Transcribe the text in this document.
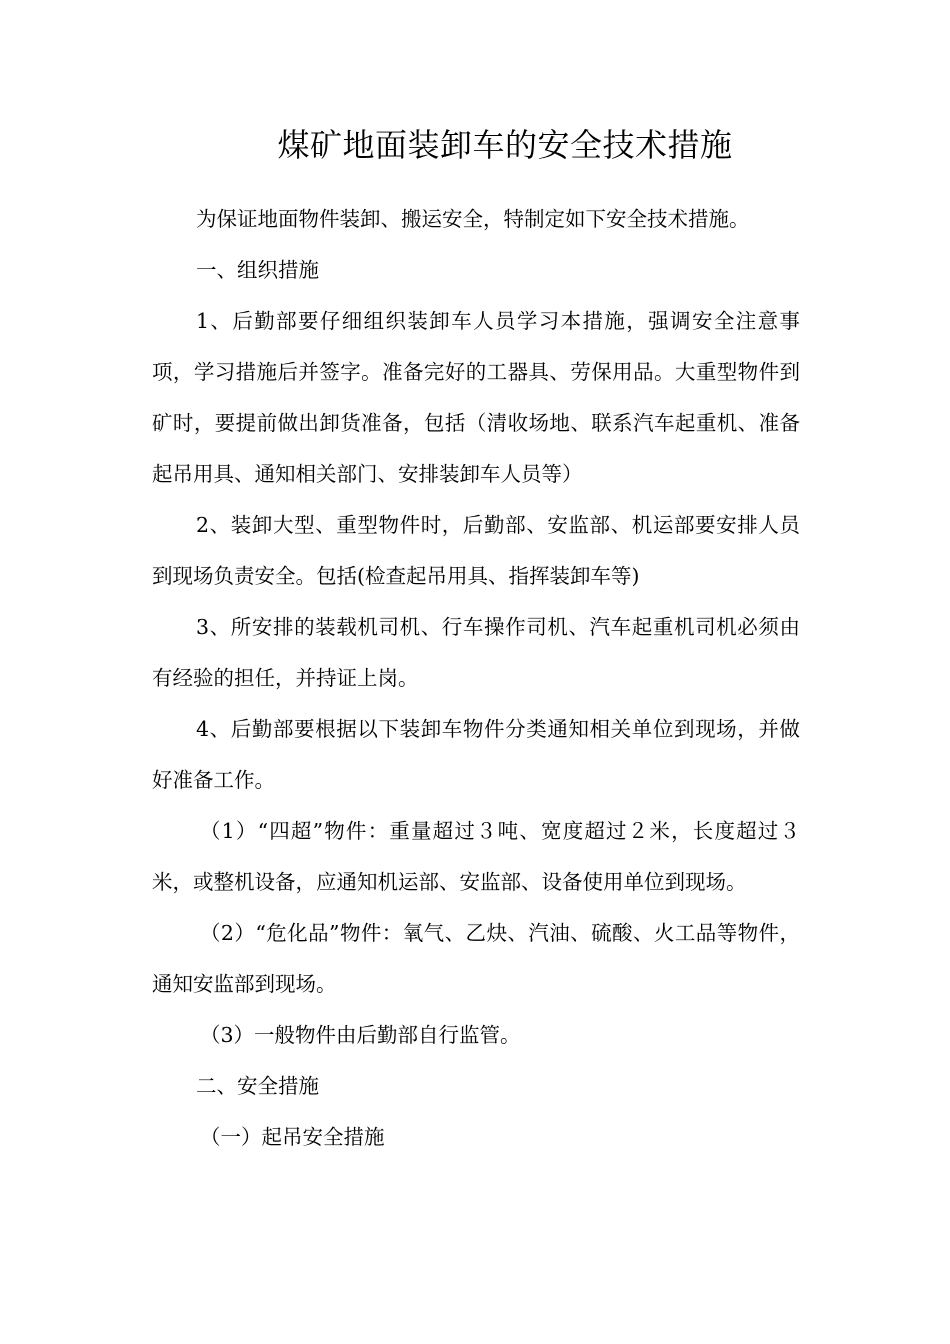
煤矿地面装卸车的安全技术措施

为保证地面物件装卸、搬运安全，特制定如下安全技术措施。

一、组织措施

1、后勤部要仔细组织装卸车人员学习本措施，强调安全注意事项，学习措施后并签字。准备完好的工器具、劳保用品。大重型物件到矿时，要提前做出卸货准备，包括（清收场地、联系汽车起重机、准备起吊用具、通知相关部门、安排装卸车人员等）

2、装卸大型、重型物件时，后勤部、安监部、机运部要安排人员到现场负责安全。包括(检查起吊用具、指挥装卸车等)

3、所安排的装载机司机、行车操作司机、汽车起重机司机必须由有经验的担任，并持证上岗。

4、后勤部要根据以下装卸车物件分类通知相关单位到现场，并做好准备工作。

（1）“四超”物件：重量超过３吨、宽度超过２米，长度超过３米，或整机设备，应通知机运部、安监部、设备使用单位到现场。

（2）“危化品”物件：氧气、乙炔、汽油、硫酸、火工品等物件，通知安监部到现场。

（3）一般物件由后勤部自行监管。

二、安全措施

（一）起吊安全措施
